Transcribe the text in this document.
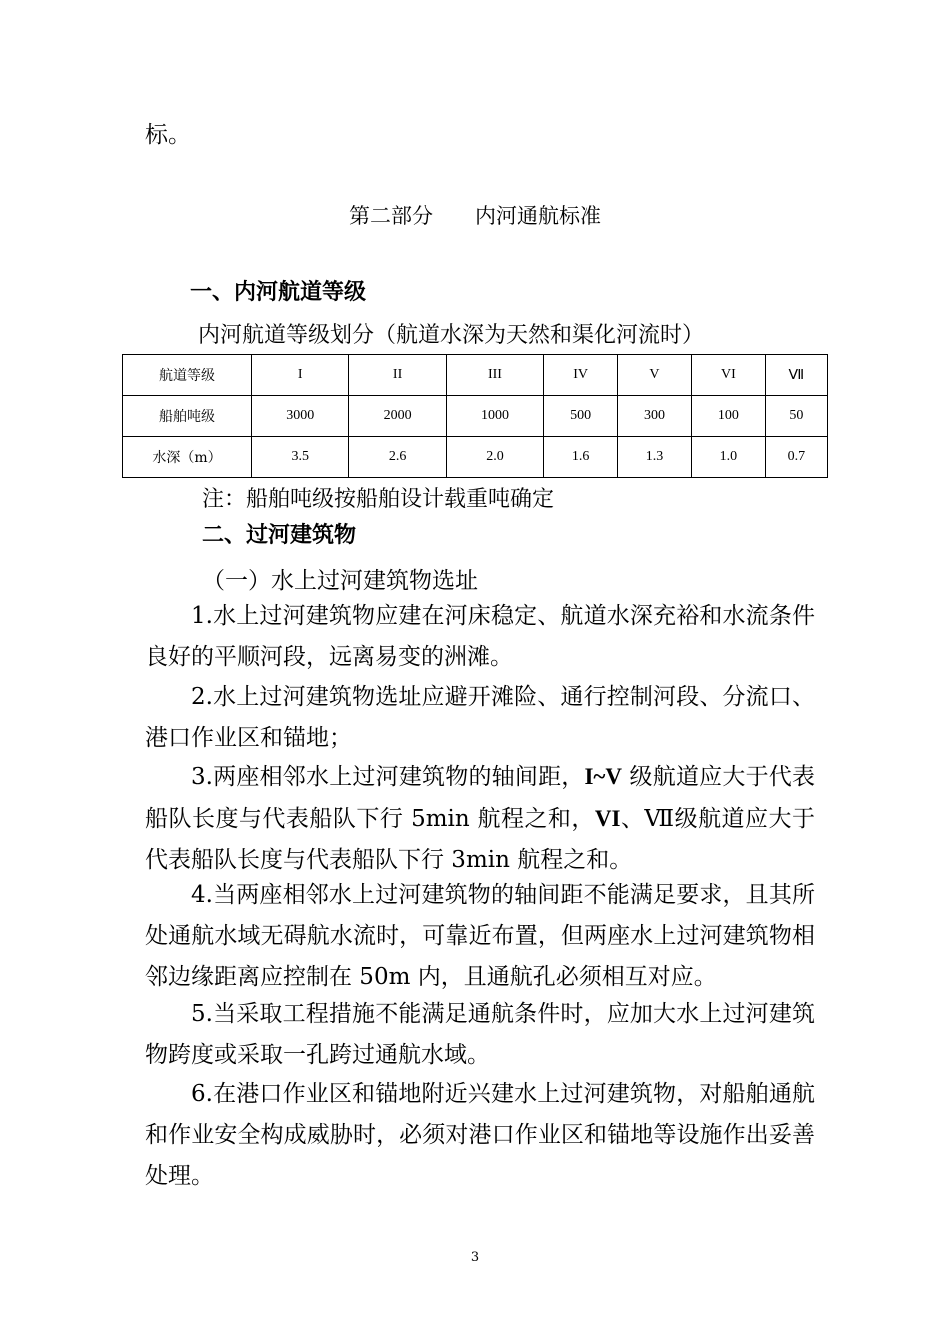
标。
第二部分　　内河通航标准
一、内河航道等级
内河航道等级划分（航道水深为天然和渠化河流时）
航道等级	I	II	III	IV	V	VI	Ⅶ
船舶吨级	3000	2000	1000	500	300	100	50
水深（m）	3.5	2.6	2.0	1.6	1.3	1.0	0.7
注：船舶吨级按船舶设计载重吨确定
二、过河建筑物
（一）水上过河建筑物选址
1.水上过河建筑物应建在河床稳定、航道水深充裕和水流条件良好的平顺河段，远离易变的洲滩。
2.水上过河建筑物选址应避开滩险、通行控制河段、分流口、港口作业区和锚地；
3.两座相邻水上过河建筑物的轴间距，I~V 级航道应大于代表船队长度与代表船队下行 5min 航程之和，VI、Ⅶ级航道应大于代表船队长度与代表船队下行 3min 航程之和。
4.当两座相邻水上过河建筑物的轴间距不能满足要求，且其所处通航水域无碍航水流时，可靠近布置，但两座水上过河建筑物相邻边缘距离应控制在 50m 内，且通航孔必须相互对应。
5.当采取工程措施不能满足通航条件时，应加大水上过河建筑物跨度或采取一孔跨过通航水域。
6.在港口作业区和锚地附近兴建水上过河建筑物，对船舶通航和作业安全构成威胁时，必须对港口作业区和锚地等设施作出妥善处理。
3
